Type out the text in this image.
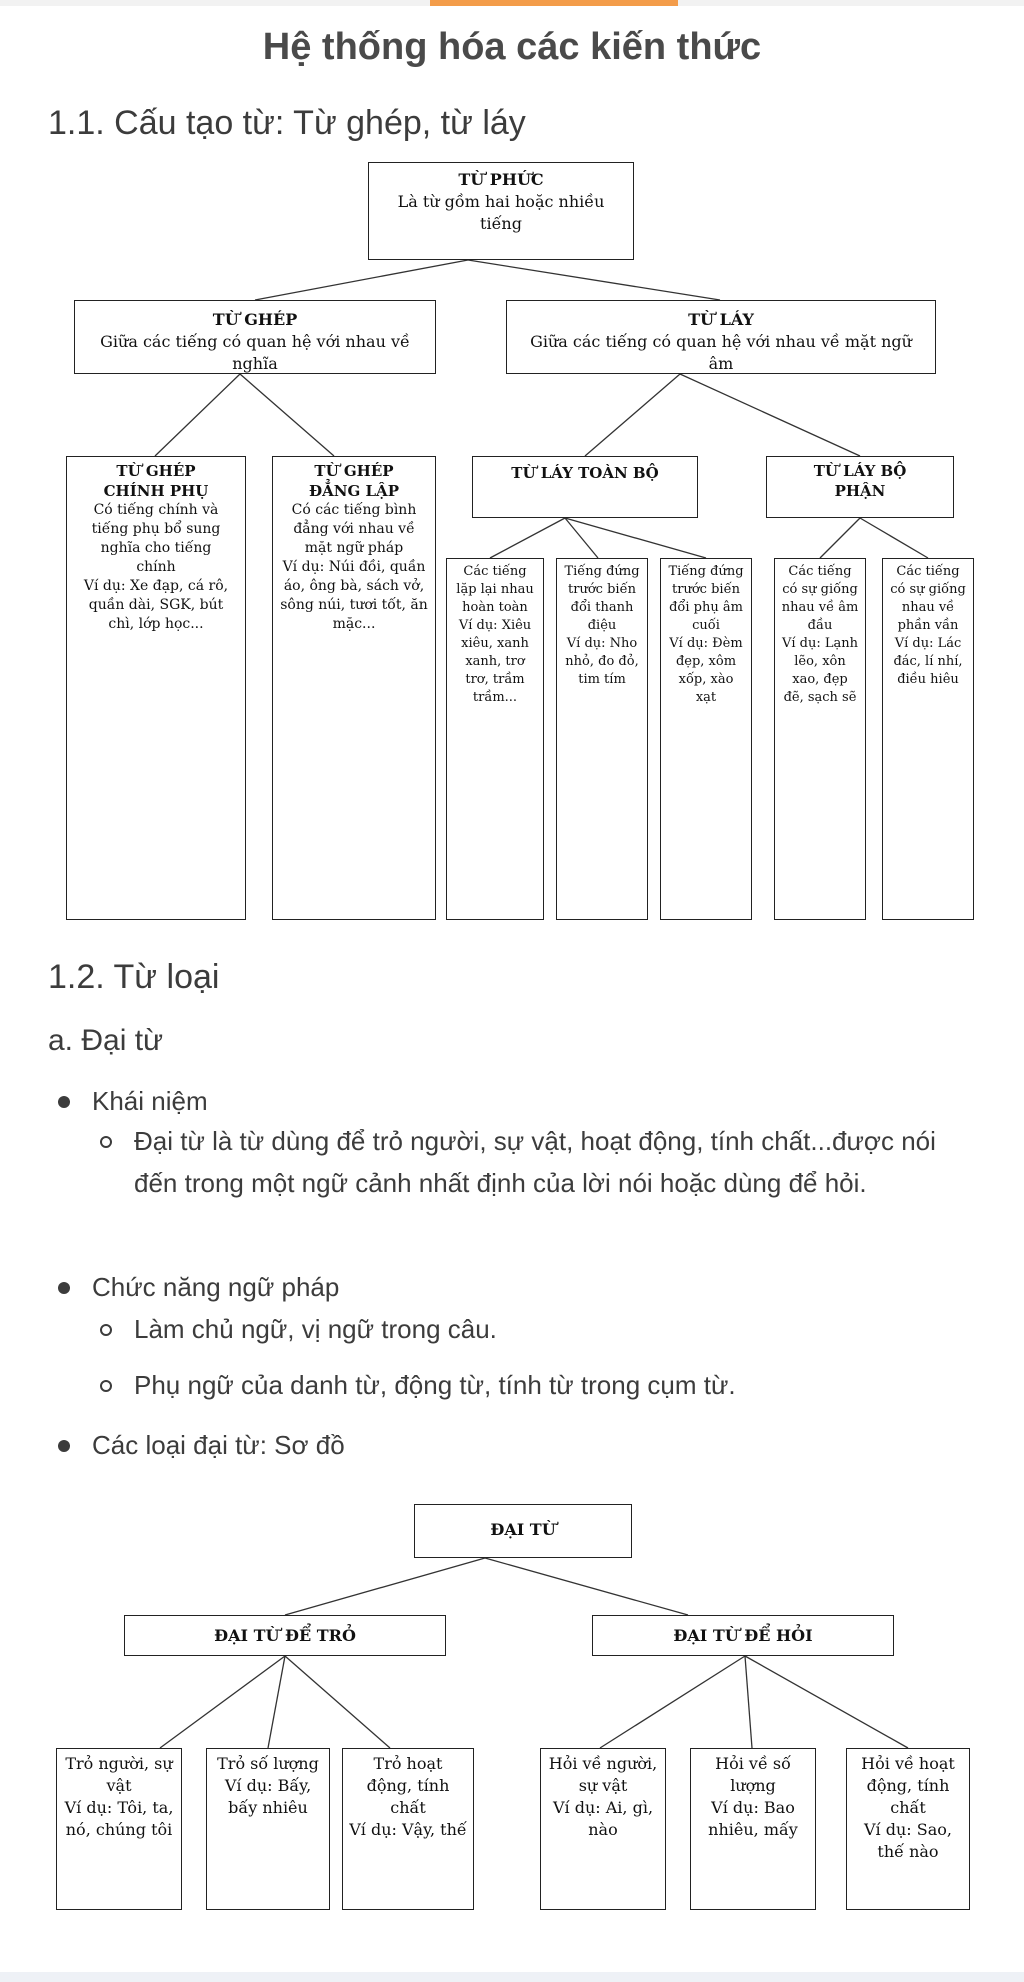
Hệ thống hóa các kiến thức
1.1. Cấu tạo từ: Từ ghép, từ láy
TỪ PHỨC
Là từ gồm hai hoặc nhiều tiếng
TỪ GHÉP
Giữa các tiếng có quan hệ với nhau về nghĩa
TỪ LÁY
Giữa các tiếng có quan hệ với nhau về mặt ngữ âm
TỪ GHÉP CHÍNH PHỤ
Có tiếng chính và tiếng phụ bổ sung nghĩa cho tiếng chính
Ví dụ: Xe đạp, cá rô, quần dài, SGK, bút chì, lớp học...
TỪ GHÉP ĐẲNG LẬP
Có các tiếng bình đẳng với nhau về mặt ngữ pháp
Ví dụ: Núi đồi, quần áo, ông bà, sách vở, sông núi, tươi tốt, ăn mặc...
TỪ LÁY TOÀN BỘ	TỪ LÁY BỘ PHẬN
Các tiếng lặp lại nhau hoàn toàn
Ví dụ: Xiêu xiêu, xanh xanh, trơ trơ, trầm trầm...
Tiếng đứng trước biến đổi thanh điệu
Ví dụ: Nho nhỏ, đo đỏ, tim tím
Tiếng đứng trước biến đổi phụ âm cuối
Ví dụ: Đèm đẹp, xôm xốp, xào xạt
Các tiếng có sự giống nhau về âm đầu
Ví dụ: Lạnh lẽo, xôn xao, đẹp đẽ, sạch sẽ
Các tiếng có sự giống nhau về phần vần
Ví dụ: Lác đác, lí nhí, điều hiêu
1.2. Từ loại
a. Đại từ
Khái niệm
Đại từ là từ dùng để trỏ người, sự vật, hoạt động, tính chất...được nói đến trong một ngữ cảnh nhất định của lời nói hoặc dùng để hỏi.
Chức năng ngữ pháp
Làm chủ ngữ, vị ngữ trong câu.
Phụ ngữ của danh từ, động từ, tính từ trong cụm từ.
Các loại đại từ: Sơ đồ
ĐẠI TỪ
ĐẠI TỪ ĐỂ TRỎ	ĐẠI TỪ ĐỂ HỎI
Trỏ người, sự vật
Ví dụ: Tôi, ta, nó, chúng tôi
Trỏ số lượng
Ví dụ: Bấy, bấy nhiêu
Trỏ hoạt động, tính chất
Ví dụ: Vậy, thế
Hỏi về người, sự vật
Ví dụ: Ai, gì, nào
Hỏi về số lượng
Ví dụ: Bao nhiêu, mấy
Hỏi về hoạt động, tính chất
Ví dụ: Sao, thế nào
